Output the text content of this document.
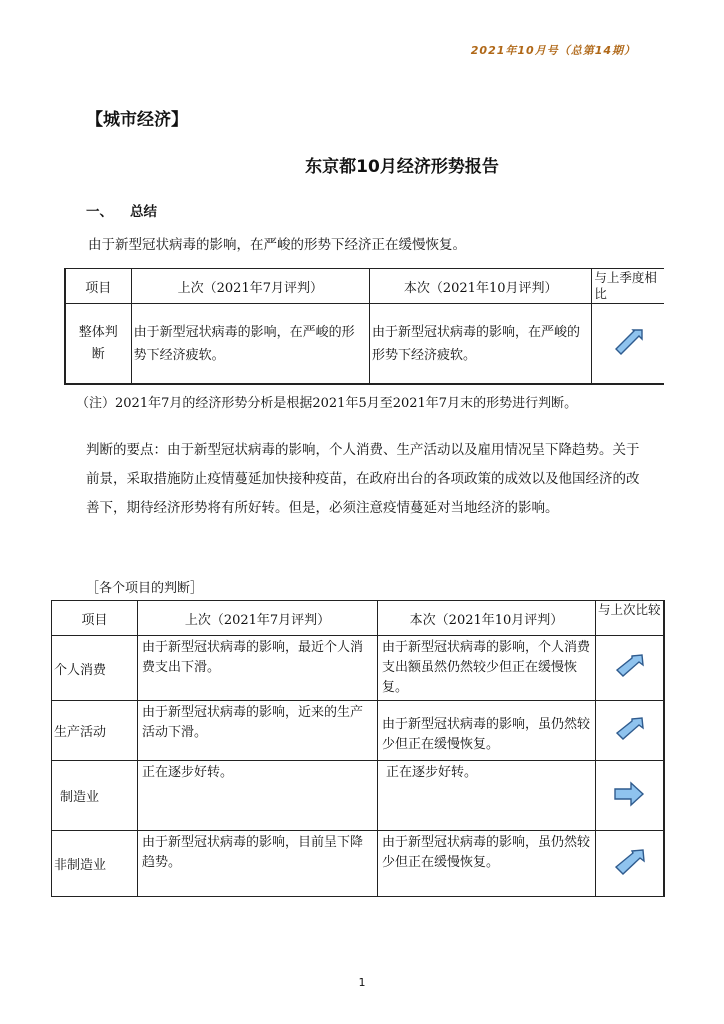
2021年10月号（总第14期）
【城市经济】
东京都10月经济形势报告
一、 总结
由于新型冠状病毒的影响，在严峻的形势下经济正在缓慢恢复。
项目	上次（2021年7月评判）	本次（2021年10月评判）	与上季度相比

整体判断	由于新型冠状病毒的影响，在严峻的形势下经济疲软。	由于新型冠状病毒的影响，在严峻的形势下经济疲软。	
（注）2021年7月的经济形势分析是根据2021年5月至2021年7月末的形势进行判断。
判断的要点：由于新型冠状病毒的影响，个人消费、生产活动以及雇用情况呈下降趋势。关于前景，采取措施防止疫情蔓延加快接种疫苗，在政府出台的各项政策的成效以及他国经济的改善下，期待经济形势将有所好转。但是，必须注意疫情蔓延对当地经济的影响。
［各个项目的判断］
项目	上次（2021年7月评判）	本次（2021年10月评判）	与上次比较
个人消费	由于新型冠状病毒的影响，最近个人消费支出下滑。	由于新型冠状病毒的影响，个人消费支出额虽然仍然较少但正在缓慢恢复。	
生产活动	由于新型冠状病毒的影响，近来的生产活动下滑。	由于新型冠状病毒的影响，虽仍然较少但正在缓慢恢复。	
制造业	正在逐步好转。	正在逐步好转。	
非制造业	由于新型冠状病毒的影响，目前呈下降趋势。	由于新型冠状病毒的影响，虽仍然较少但正在缓慢恢复。	
1
